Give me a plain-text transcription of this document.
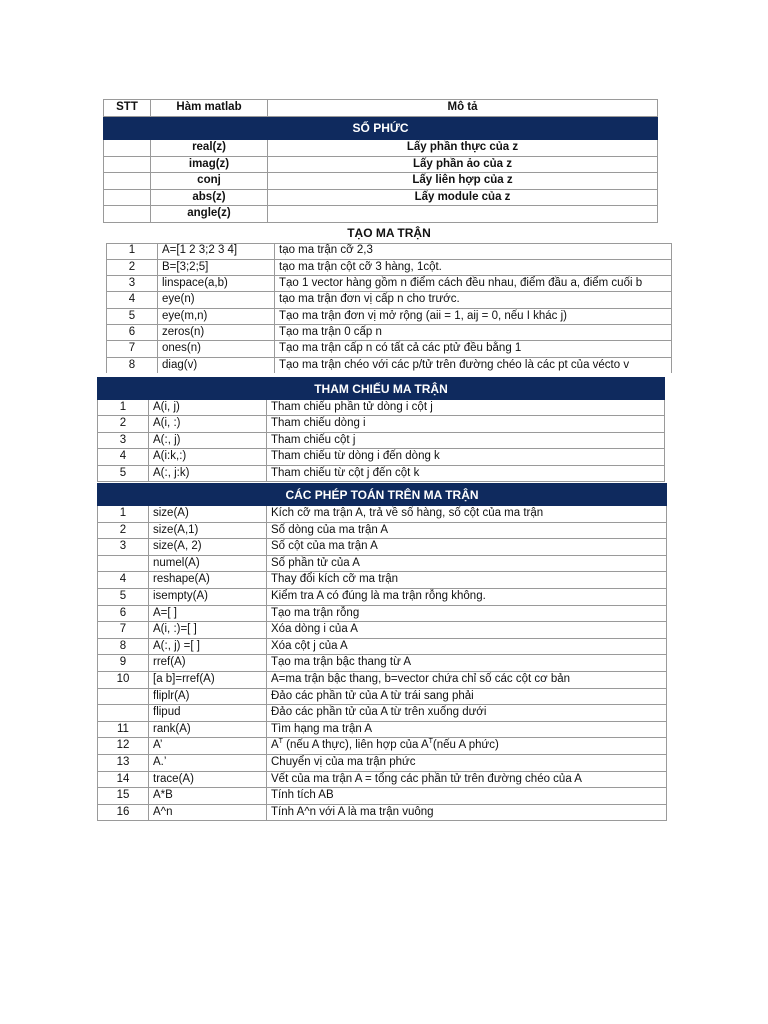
STT	Hàm matlab	Mô tả
SỐ PHỨC		
	real(z)	Lấy phần thực của z
	imag(z)	Lấy phần ảo của z
	conj	Lấy liên hợp của z
	abs(z)	Lấy module của z
	angle(z)	
TẠO MA TRẬN		
1	A=[1 2 3;2 3 4]	tạo ma trận cỡ 2,3
2	B=[3;2;5]	tạo ma trận cột cỡ 3 hàng, 1cột.
3	linspace(a,b)	Tạo 1 vector hàng gồm n điểm cách đều nhau, điểm đầu a, điểm cuối b
4	eye(n)	tạo ma trận đơn vị cấp n cho trước.
5	eye(m,n)	Tạo ma trận đơn vị mở rộng (aii = 1, aij = 0, nếu I khác j)
6	zeros(n)	Tạo ma trận 0 cấp n
7	ones(n)	Tạo ma trận cấp n có tất cả các ptử đều bằng 1
8	diag(v)	Tạo ma trận chéo với các p/tử trên đường chéo là các pt của vécto v
THAM CHIẾU MA TRẬN		
1	A(i, j)	Tham chiếu phần tử dòng i cột j
2	A(i, :)	Tham chiếu dòng i
3	A(:, j)	Tham chiếu cột j
4	A(i:k,:)	Tham chiếu từ dòng i đến dòng k
5	A(:, j:k)	Tham chiếu từ cột j đến cột k
CÁC PHÉP TOÁN TRÊN MA TRẬN		
1	size(A)	Kích cỡ ma trận A, trả về số hàng, số cột của ma trận
2	size(A,1)	Số dòng của ma trận A
3	size(A, 2)	Số cột của ma trận A
	numel(A)	Số phần tử của A
4	reshape(A)	Thay đổi kích cỡ ma trận
5	isempty(A)	Kiểm tra A có đúng là ma trận rỗng không.
6	A=[ ]	Tạo ma trận rỗng
7	A(i, :)=[ ]	Xóa dòng i của A
8	A(:, j) =[ ]	Xóa cột j của A
9	rref(A)	Tạo ma trận bậc thang từ A
10	[a b]=rref(A)	A=ma trận bậc thang, b=vector chứa chỉ số các cột cơ bản
	fliplr(A)	Đảo các phần tử của A từ trái sang phải
	flipud	Đảo các phần tử của A từ trên xuống dưới
11	rank(A)	Tìm hạng ma trận A
12	A’	$A^T$ (nếu A thực), liên hợp của $A^T(nếu$ A phức)
13	A.’	Chuyển vị của ma trận phức
14	trace(A)	Vết của ma trận A = tổng các phần tử trên đường chéo của A
15	A*B	Tính tích AB
16	A^n	Tính A^n với A là ma trận vuông
